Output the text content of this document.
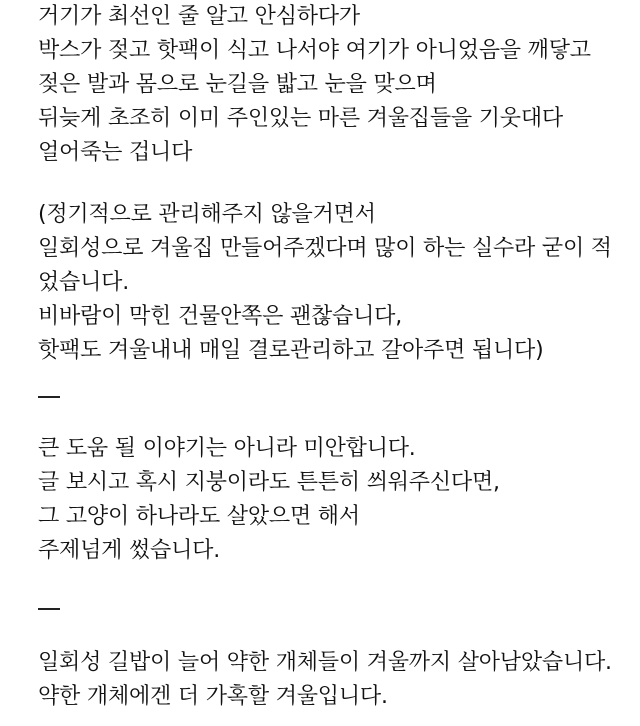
거기가 최선인 줄 알고 안심하다가
박스가 젖고 핫팩이 식고 나서야 여기가 아니었음을 깨닿고
젖은 발과 몸으로 눈길을 밟고 눈을 맞으며
뒤늦게 초조히 이미 주인있는 마른 겨울집들을 기웃대다
얼어죽는 겁니다
(정기적으로 관리해주지 않을거면서
일회성으로 겨울집 만들어주겠다며 많이 하는 실수라 굳이 적
었습니다.
비바람이 막힌 건물안쪽은 괜찮습니다,
핫팩도 겨울내내 매일 결로관리하고 갈아주면 됩니다)
큰 도움 될 이야기는 아니라 미안합니다.
글 보시고 혹시 지붕이라도 튼튼히 씌워주신다면,
그 고양이 하나라도 살았으면 해서
주제넘게 썼습니다.
일회성 길밥이 늘어 약한 개체들이 겨울까지 살아남았습니다.
약한 개체에겐 더 가혹할 겨울입니다.
